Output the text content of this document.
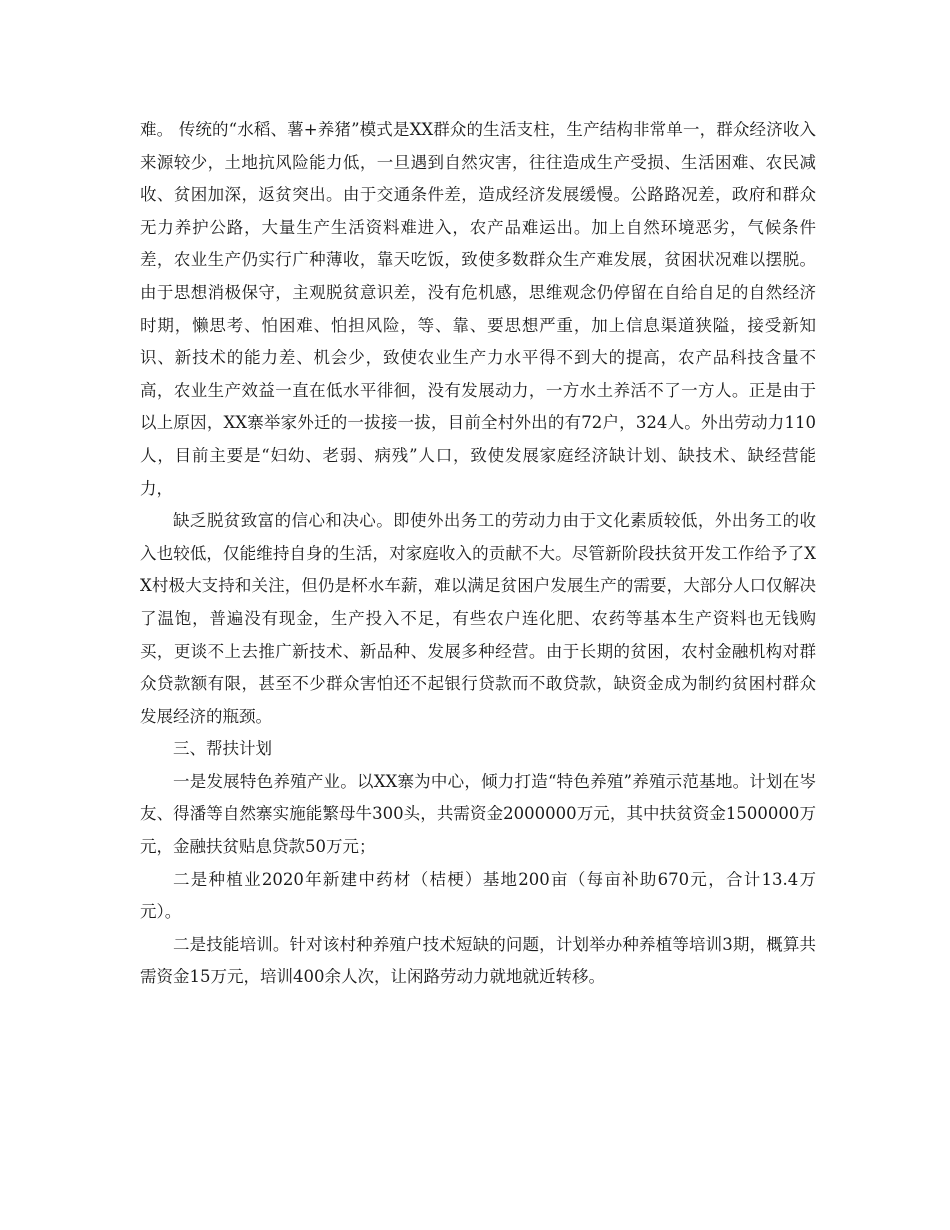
难。 传统的“水稻、薯+养猪”模式是XX群众的生活支柱，生产结构非常单一，群众经济收入来源较少，土地抗风险能力低，一旦遇到自然灾害，往往造成生产受损、生活困难、农民减收、贫困加深，返贫突出。由于交通条件差，造成经济发展缓慢。公路路况差，政府和群众无力养护公路，大量生产生活资料难进入，农产品难运出。加上自然环境恶劣，气候条件差，农业生产仍实行广种薄收，靠天吃饭，致使多数群众生产难发展，贫困状况难以摆脱。由于思想消极保守，主观脱贫意识差，没有危机感，思维观念仍停留在自给自足的自然经济时期，懒思考、怕困难、怕担风险，等、靠、要思想严重，加上信息渠道狭隘，接受新知识、新技术的能力差、机会少，致使农业生产力水平得不到大的提高，农产品科技含量不高，农业生产效益一直在低水平徘徊，没有发展动力，一方水土养活不了一方人。正是由于以上原因，XX寨举家外迁的一拔接一拔，目前全村外出的有72户，324人。外出劳动力110人，目前主要是“妇幼、老弱、病残”人口，致使发展家庭经济缺计划、缺技术、缺经营能力，

缺乏脱贫致富的信心和决心。即使外出务工的劳动力由于文化素质较低，外出务工的收入也较低，仅能维持自身的生活，对家庭收入的贡献不大。尽管新阶段扶贫开发工作给予了XX村极大支持和关注，但仍是杯水车薪，难以满足贫困户发展生产的需要，大部分人口仅解决了温饱，普遍没有现金，生产投入不足，有些农户连化肥、农药等基本生产资料也无钱购买，更谈不上去推广新技术、新品种、发展多种经营。由于长期的贫困，农村金融机构对群众贷款额有限，甚至不少群众害怕还不起银行贷款而不敢贷款，缺资金成为制约贫困村群众发展经济的瓶颈。

三、帮扶计划

一是发展特色养殖产业。以XX寨为中心，倾力打造“特色养殖”养殖示范基地。计划在岑友、得潘等自然寨实施能繁母牛300头，共需资金2000000万元，其中扶贫资金1500000万元，金融扶贫贴息贷款50万元；

二是种植业2020年新建中药材（桔梗）基地200亩（每亩补助670元，合计13.4万元）。

二是技能培训。针对该村种养殖户技术短缺的问题，计划举办种养植等培训3期，概算共需资金15万元，培训400余人次，让闲路劳动力就地就近转移。
